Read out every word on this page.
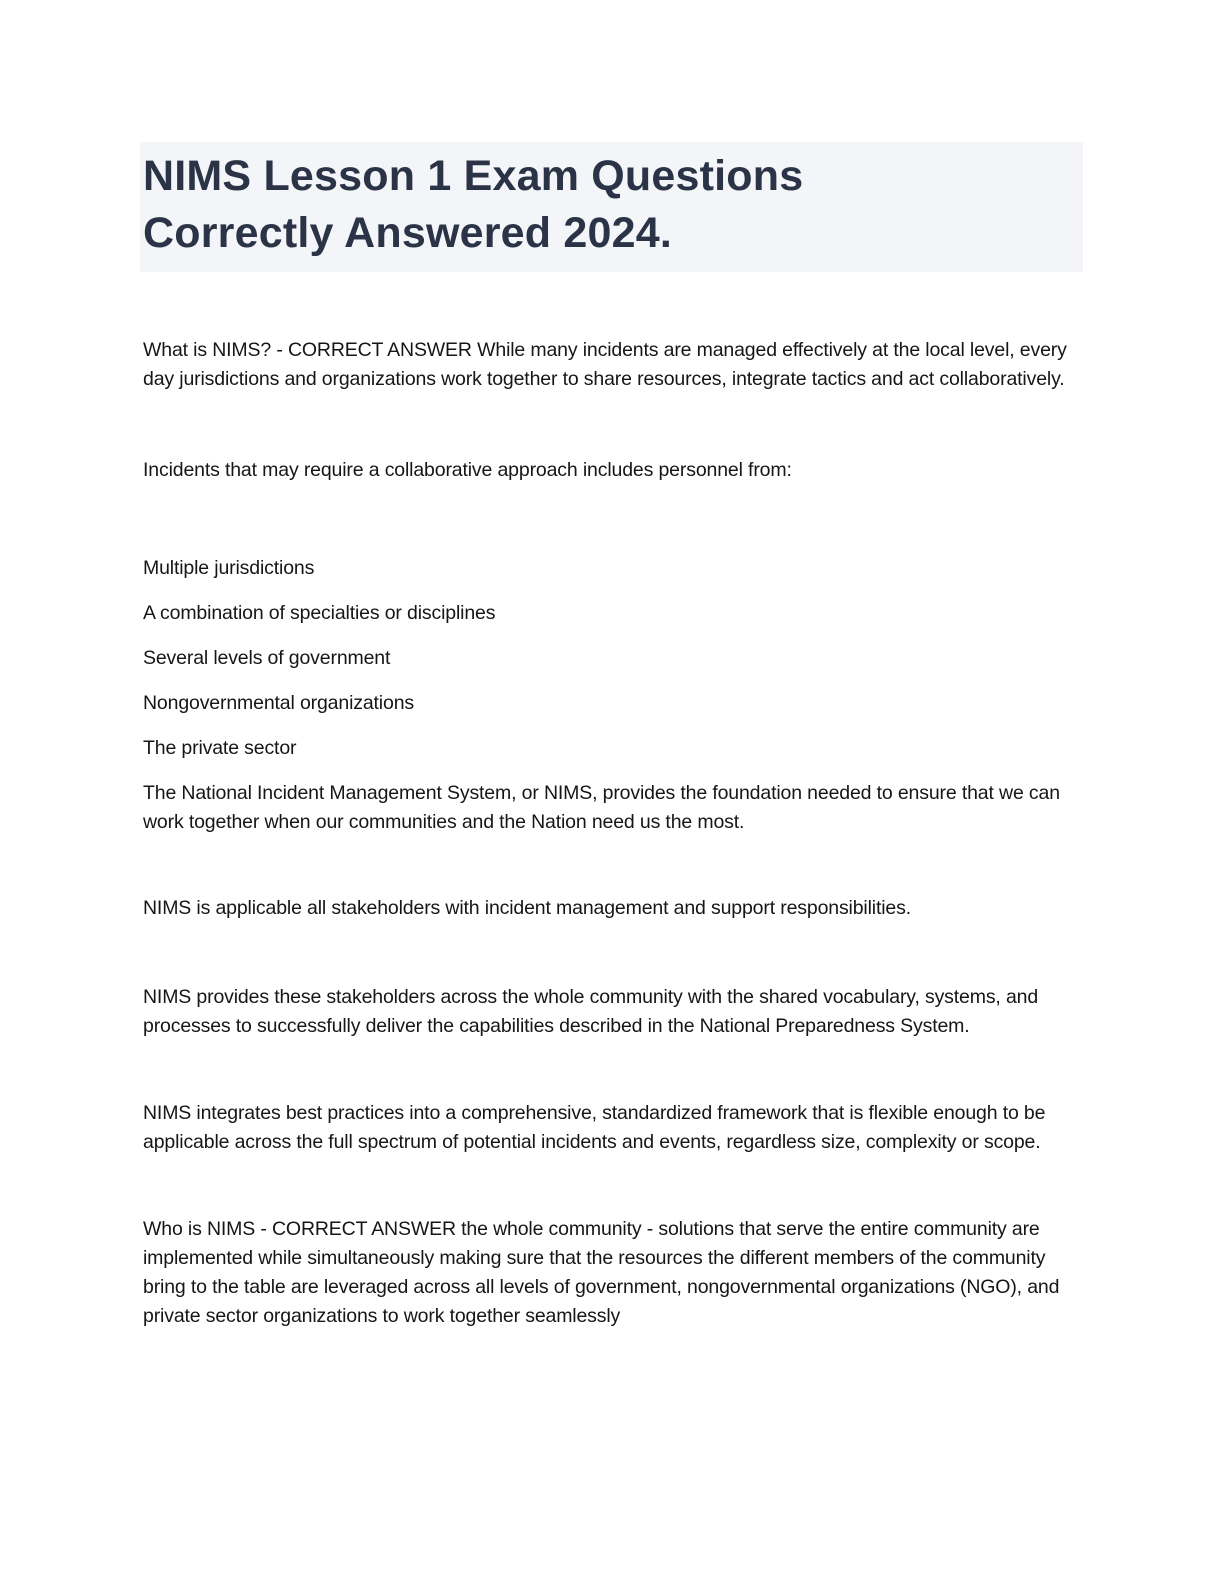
NIMS Lesson 1 Exam Questions
Correctly Answered 2024.

What is NIMS? - CORRECT ANSWER While many incidents are managed effectively at the local level, every day jurisdictions and organizations work together to share resources, integrate tactics and act collaboratively.

Incidents that may require a collaborative approach includes personnel from:

Multiple jurisdictions

A combination of specialties or disciplines

Several levels of government

Nongovernmental organizations

The private sector

The National Incident Management System, or NIMS, provides the foundation needed to ensure that we can work together when our communities and the Nation need us the most.

NIMS is applicable all stakeholders with incident management and support responsibilities.

NIMS provides these stakeholders across the whole community with the shared vocabulary, systems, and processes to successfully deliver the capabilities described in the National Preparedness System.

NIMS integrates best practices into a comprehensive, standardized framework that is flexible enough to be applicable across the full spectrum of potential incidents and events, regardless size, complexity or scope.

Who is NIMS - CORRECT ANSWER the whole community - solutions that serve the entire community are implemented while simultaneously making sure that the resources the different members of the community bring to the table are leveraged across all levels of government, nongovernmental organizations (NGO), and private sector organizations to work together seamlessly
